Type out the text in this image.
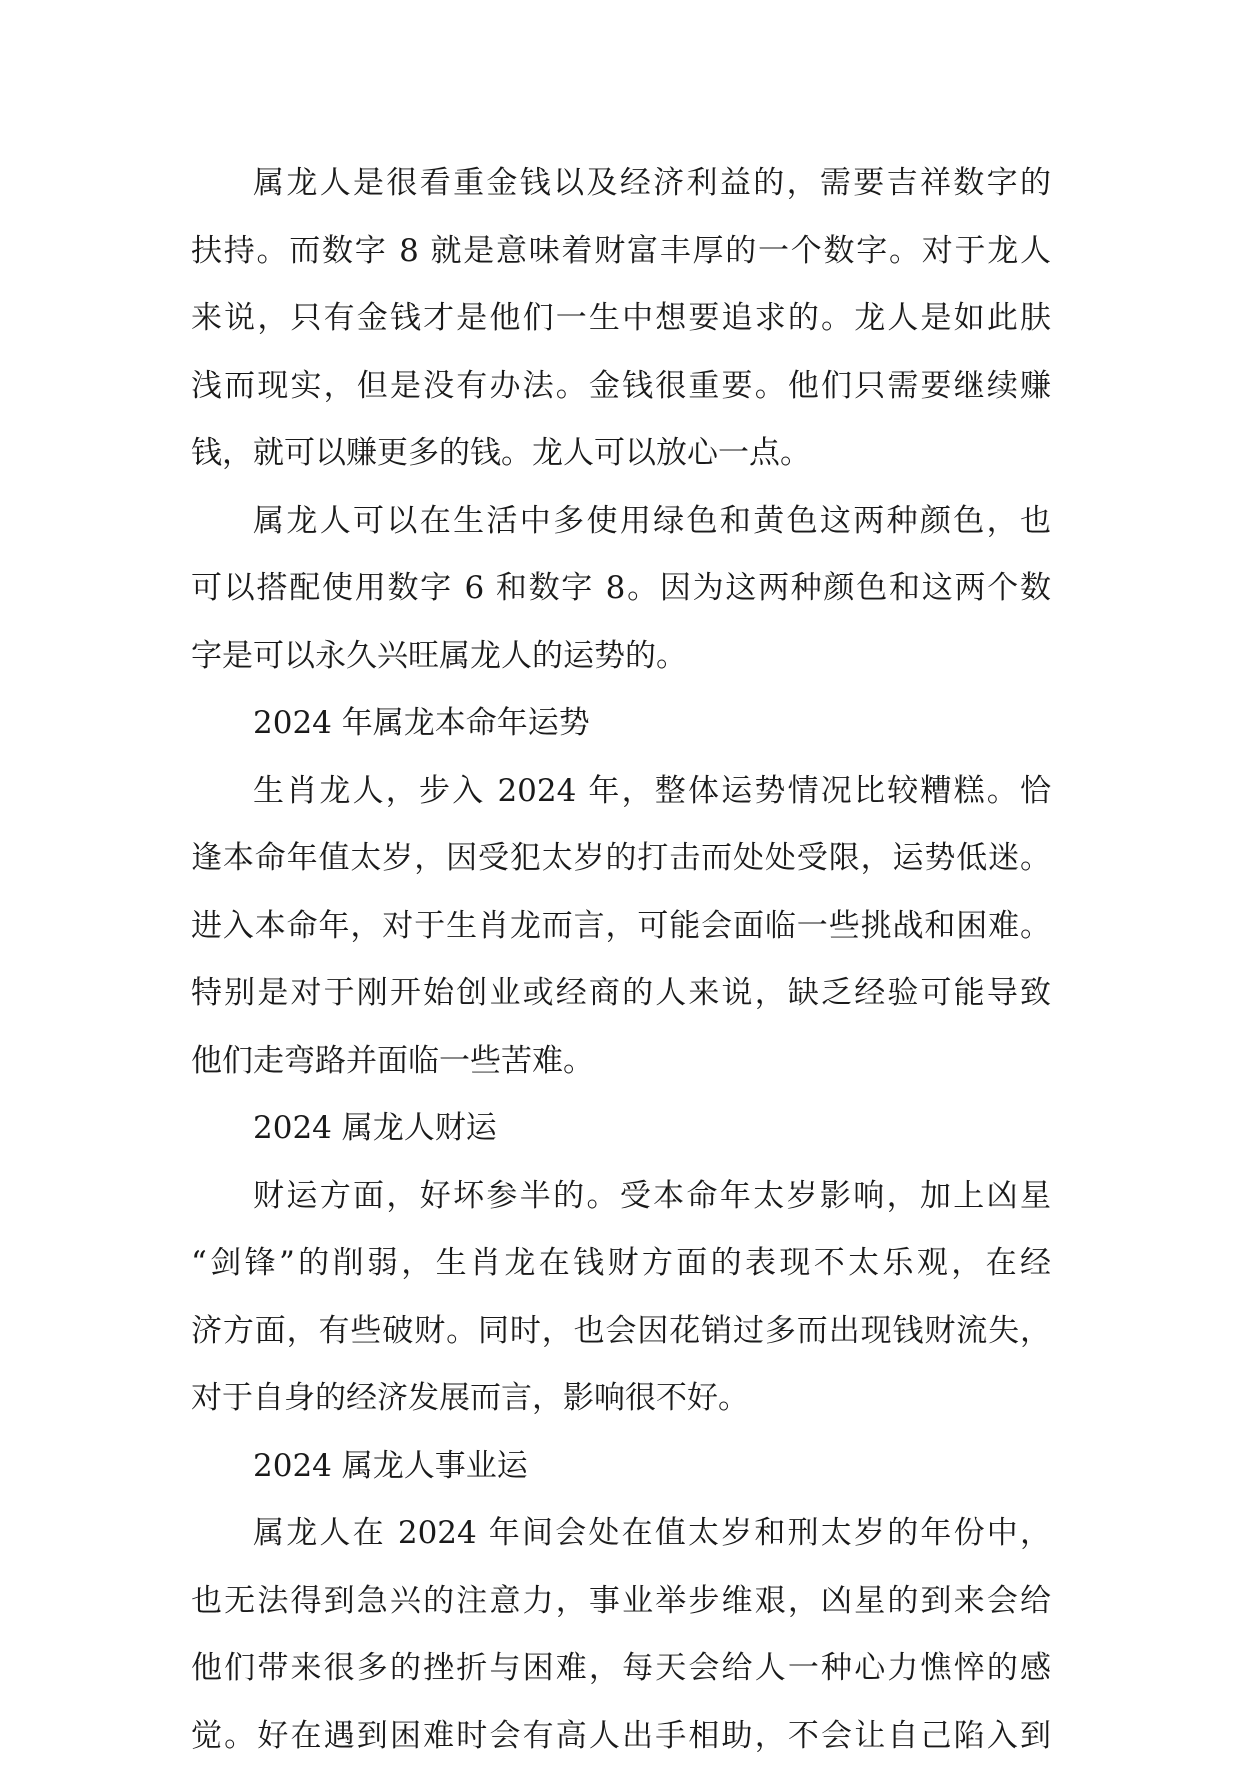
属龙人是很看重金钱以及经济利益的，需要吉祥数字的
扶持。而数字 8 就是意味着财富丰厚的一个数字。对于龙人
来说，只有金钱才是他们一生中想要追求的。龙人是如此肤
浅而现实，但是没有办法。金钱很重要。他们只需要继续赚
钱，就可以赚更多的钱。龙人可以放心一点。
属龙人可以在生活中多使用绿色和黄色这两种颜色，也
可以搭配使用数字 6 和数字 8。因为这两种颜色和这两个数
字是可以永久兴旺属龙人的运势的。
2024 年属龙本命年运势
生肖龙人，步入 2024 年，整体运势情况比较糟糕。恰
逢本命年值太岁，因受犯太岁的打击而处处受限，运势低迷。
进入本命年，对于生肖龙而言，可能会面临一些挑战和困难。
特别是对于刚开始创业或经商的人来说，缺乏经验可能导致
他们走弯路并面临一些苦难。
2024 属龙人财运
财运方面，好坏参半的。受本命年太岁影响，加上凶星
“剑锋”的削弱，生肖龙在钱财方面的表现不太乐观，在经
济方面，有些破财。同时，也会因花销过多而出现钱财流失，
对于自身的经济发展而言，影响很不好。
2024 属龙人事业运
属龙人在 2024 年间会处在值太岁和刑太岁的年份中，
也无法得到急兴的注意力，事业举步维艰，凶星的到来会给
他们带来很多的挫折与困难，每天会给人一种心力憔悴的感
觉。好在遇到困难时会有高人出手相助，不会让自己陷入到
